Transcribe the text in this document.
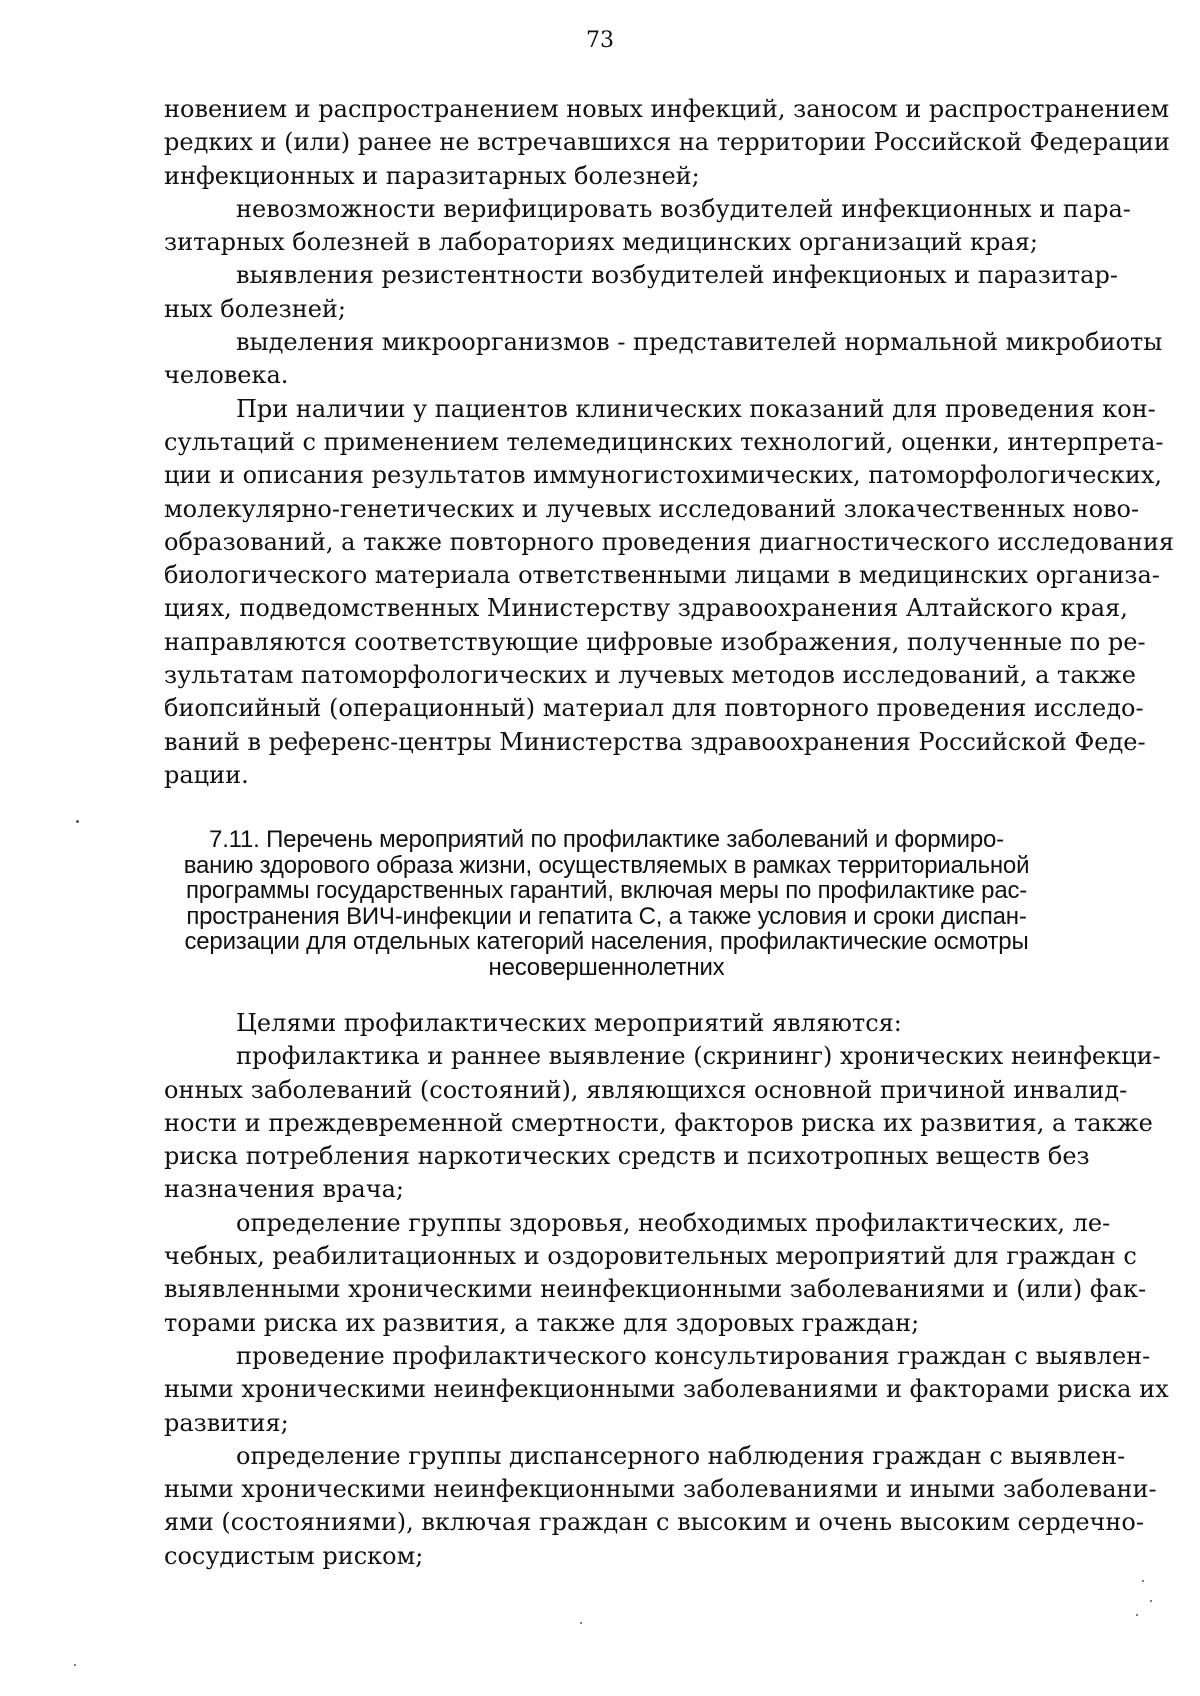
73

новением и распространением новых инфекций, заносом и распространением
редких и (или) ранее не встречавшихся на территории Российской Федерации
инфекционных и паразитарных болезней;

невозможности верифицировать возбудителей инфекционных и пара-
зитарных болезней в лабораториях медицинских организаций края;

выявления резистентности возбудителей инфекционых и паразитар-
ных болезней;

выделения микроорганизмов - представителей нормальной микробиоты
человека.

При наличии у пациентов клинических показаний для проведения кон-
сультаций с применением телемедицинских технологий, оценки, интерпрета-
ции и описания результатов иммуногистохимических, патоморфологических,
молекулярно-генетических и лучевых исследований злокачественных ново-
образований, а также повторного проведения диагностического исследования
биологического материала ответственными лицами в медицинских организа-
циях, подведомственных Министерству здравоохранения Алтайского края,
направляются соответствующие цифровые изображения, полученные по ре-
зультатам патоморфологических и лучевых методов исследований, а также
биопсийный (операционный) материал для повторного проведения исследо-
ваний в референс-центры Министерства здравоохранения Российской Феде-
рации.

7.11. Перечень мероприятий по профилактике заболеваний и формиро-
ванию здорового образа жизни, осуществляемых в рамках территориальной
программы государственных гарантий, включая меры по профилактике рас-
пространения ВИЧ-инфекции и гепатита С, а также условия и сроки диспан-
серизации для отдельных категорий населения, профилактические осмотры
несовершеннолетних

Целями профилактических мероприятий являются:

профилактика и раннее выявление (скрининг) хронических неинфекци-
онных заболеваний (состояний), являющихся основной причиной инвалид-
ности и преждевременной смертности, факторов риска их развития, а также
риска потребления наркотических средств и психотропных веществ без
назначения врача;

определение группы здоровья, необходимых профилактических, ле-
чебных, реабилитационных и оздоровительных мероприятий для граждан с
выявленными хроническими неинфекционными заболеваниями и (или) фак-
торами риска их развития, а также для здоровых граждан;

проведение профилактического консультирования граждан с выявлен-
ными хроническими неинфекционными заболеваниями и факторами риска их
развития;

определение группы диспансерного наблюдения граждан с выявлен-
ными хроническими неинфекционными заболеваниями и иными заболевани-
ями (состояниями), включая граждан с высоким и очень высоким сердечно-
сосудистым риском;
